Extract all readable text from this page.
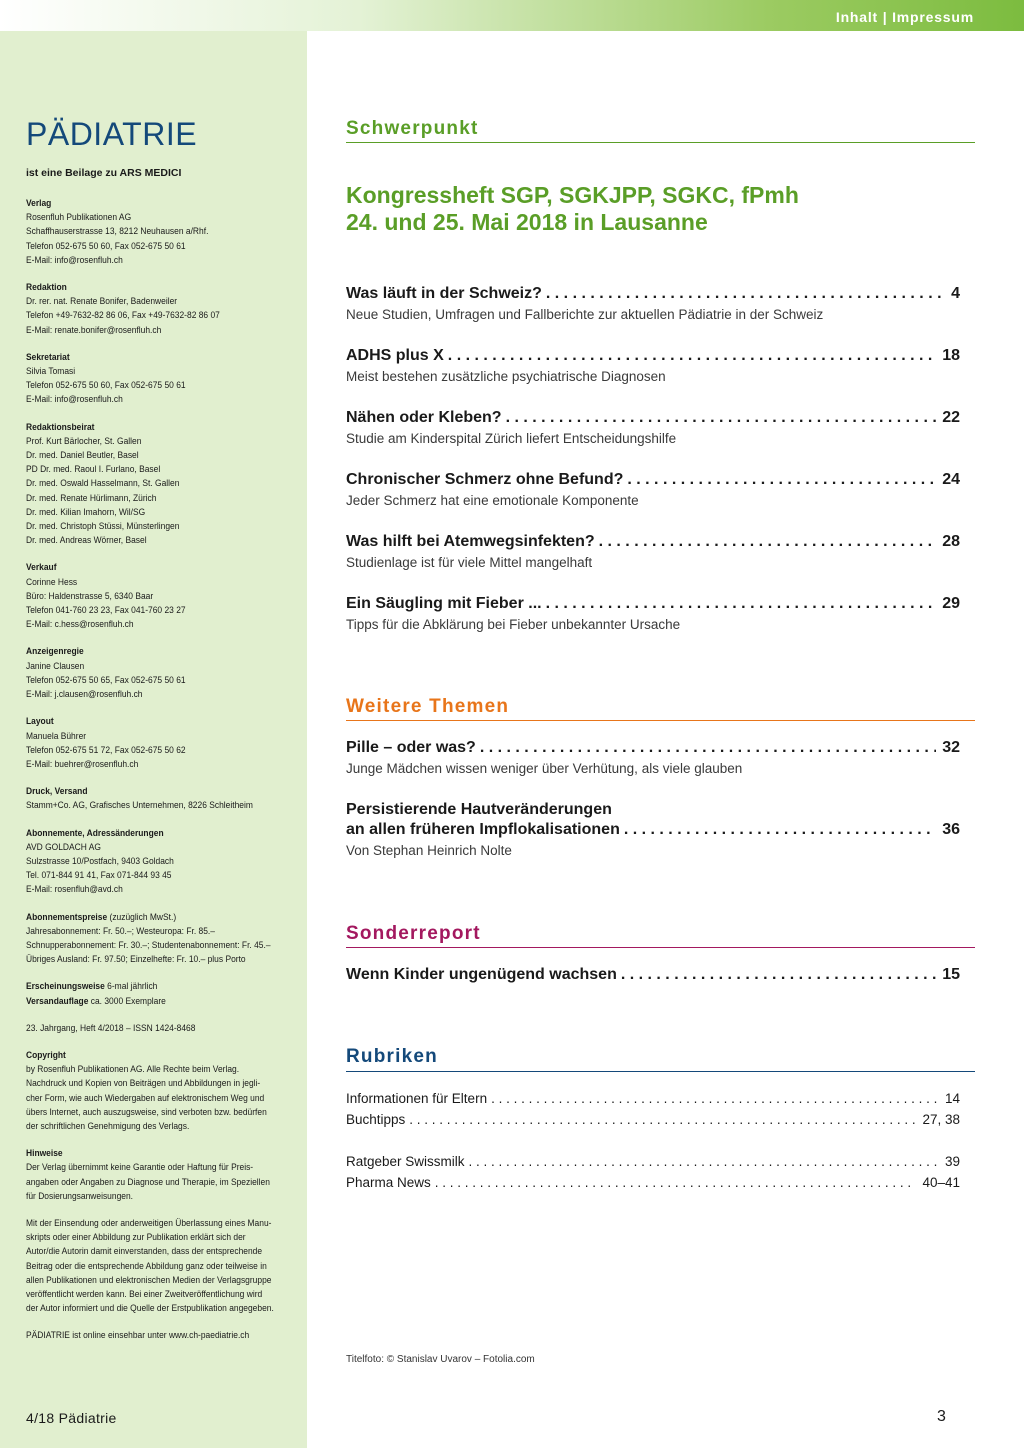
Inhalt | Impressum
PÄDIATRIE
ist eine Beilage zu ARS MEDICI
Verlag
Rosenfluh Publikationen AG
Schaffhauserstrasse 13, 8212 Neuhausen a/Rhf.
Telefon 052-675 50 60, Fax 052-675 50 61
E-Mail: info@rosenfluh.ch
Redaktion
Dr. rer. nat. Renate Bonifer, Badenweiler
Telefon +49-7632-82 86 06, Fax +49-7632-82 86 07
E-Mail: renate.bonifer@rosenfluh.ch
Sekretariat
Silvia Tomasi
Telefon 052-675 50 60, Fax 052-675 50 61
E-Mail: info@rosenfluh.ch
Redaktionsbeirat
Prof. Kurt Bärlocher, St. Gallen
Dr. med. Daniel Beutler, Basel
PD Dr. med. Raoul I. Furlano, Basel
Dr. med. Oswald Hasselmann, St. Gallen
Dr. med. Renate Hürlimann, Zürich
Dr. med. Kilian Imahorn, Wil/SG
Dr. med. Christoph Stüssi, Münsterlingen
Dr. med. Andreas Wörner, Basel
Verkauf
Corinne Hess
Büro: Haldenstrasse 5, 6340 Baar
Telefon 041-760 23 23, Fax 041-760 23 27
E-Mail: c.hess@rosenfluh.ch
Anzeigenregie
Janine Clausen
Telefon 052-675 50 65, Fax 052-675 50 61
E-Mail: j.clausen@rosenfluh.ch
Layout
Manuela Bührer
Telefon 052-675 51 72, Fax 052-675 50 62
E-Mail: buehrer@rosenfluh.ch
Druck, Versand
Stamm+Co. AG, Grafisches Unternehmen, 8226 Schleitheim
Abonnemente, Adressänderungen
AVD GOLDACH AG
Sulzstrasse 10/Postfach, 9403 Goldach
Tel. 071-844 91 41, Fax 071-844 93 45
E-Mail: rosenfluh@avd.ch
Abonnementspreise (zuzüglich MwSt.)
Jahresabonnement: Fr. 50.–; Westeuropa: Fr. 85.–
Schnupperabonnement: Fr. 30.–; Studentenabonnement: Fr. 45.–
Übriges Ausland: Fr. 97.50; Einzelhefte: Fr. 10.– plus Porto
Erscheinungsweise 6-mal jährlich
Versandauflage ca. 3000 Exemplare
23. Jahrgang, Heft 4/2018 – ISSN 1424-8468
Copyright
by Rosenfluh Publikationen AG. Alle Rechte beim Verlag.
Nachdruck und Kopien von Beiträgen und Abbildungen in jegli-
cher Form, wie auch Wiedergaben auf elektronischem Weg und
übers Internet, auch auszugsweise, sind verboten bzw. bedürfen
der schriftlichen Genehmigung des Verlags.
Hinweise
Der Verlag übernimmt keine Garantie oder Haftung für Preis-
angaben oder Angaben zu Diagnose und Therapie, im Speziellen
für Dosierungsanweisungen.
Mit der Einsendung oder anderweitigen Überlassung eines Manu-
skripts oder einer Abbildung zur Publikation erklärt sich der
Autor/die Autorin damit einverstanden, dass der entsprechende
Beitrag oder die entsprechende Abbildung ganz oder teilweise in
allen Publikationen und elektronischen Medien der Verlagsgruppe
veröffentlicht werden kann. Bei einer Zweitveröffentlichung wird
der Autor informiert und die Quelle der Erstpublikation angegeben.
PÄDIATRIE ist online einsehbar unter www.ch-paediatrie.ch
Schwerpunkt
Kongressheft SGP, SGKJPP, SGKC, fPmh
24. und 25. Mai 2018 in Lausanne
Was läuft in der Schweiz? . . .	4
Neue Studien, Umfragen und Fallberichte zur aktuellen Pädiatrie in der Schweiz
ADHS plus X . . .	18
Meist bestehen zusätzliche psychiatrische Diagnosen
Nähen oder Kleben? . . .	22
Studie am Kinderspital Zürich liefert Entscheidungshilfe
Chronischer Schmerz ohne Befund? . . .	24
Jeder Schmerz hat eine emotionale Komponente
Was hilft bei Atemwegsinfekten? . . .	28
Studienlage ist für viele Mittel mangelhaft
Ein Säugling mit Fieber ... . . .	29
Tipps für die Abklärung bei Fieber unbekannter Ursache
Weitere Themen
Pille – oder was? . . .	32
Junge Mädchen wissen weniger über Verhütung, als viele glauben
Persistierende Hautveränderungen
an allen früheren Impflokalisationen . . .	36
Von Stephan Heinrich Nolte
Sonderreport
Wenn Kinder ungenügend wachsen . . .	15
Rubriken
Informationen für Eltern . . .	14
Buchtipps . . .	27, 38
Ratgeber Swissmilk . . .	39
Pharma News . . .	40–41
Titelfoto: © Stanislav Uvarov – Fotolia.com
4/18 Pädiatrie	3
